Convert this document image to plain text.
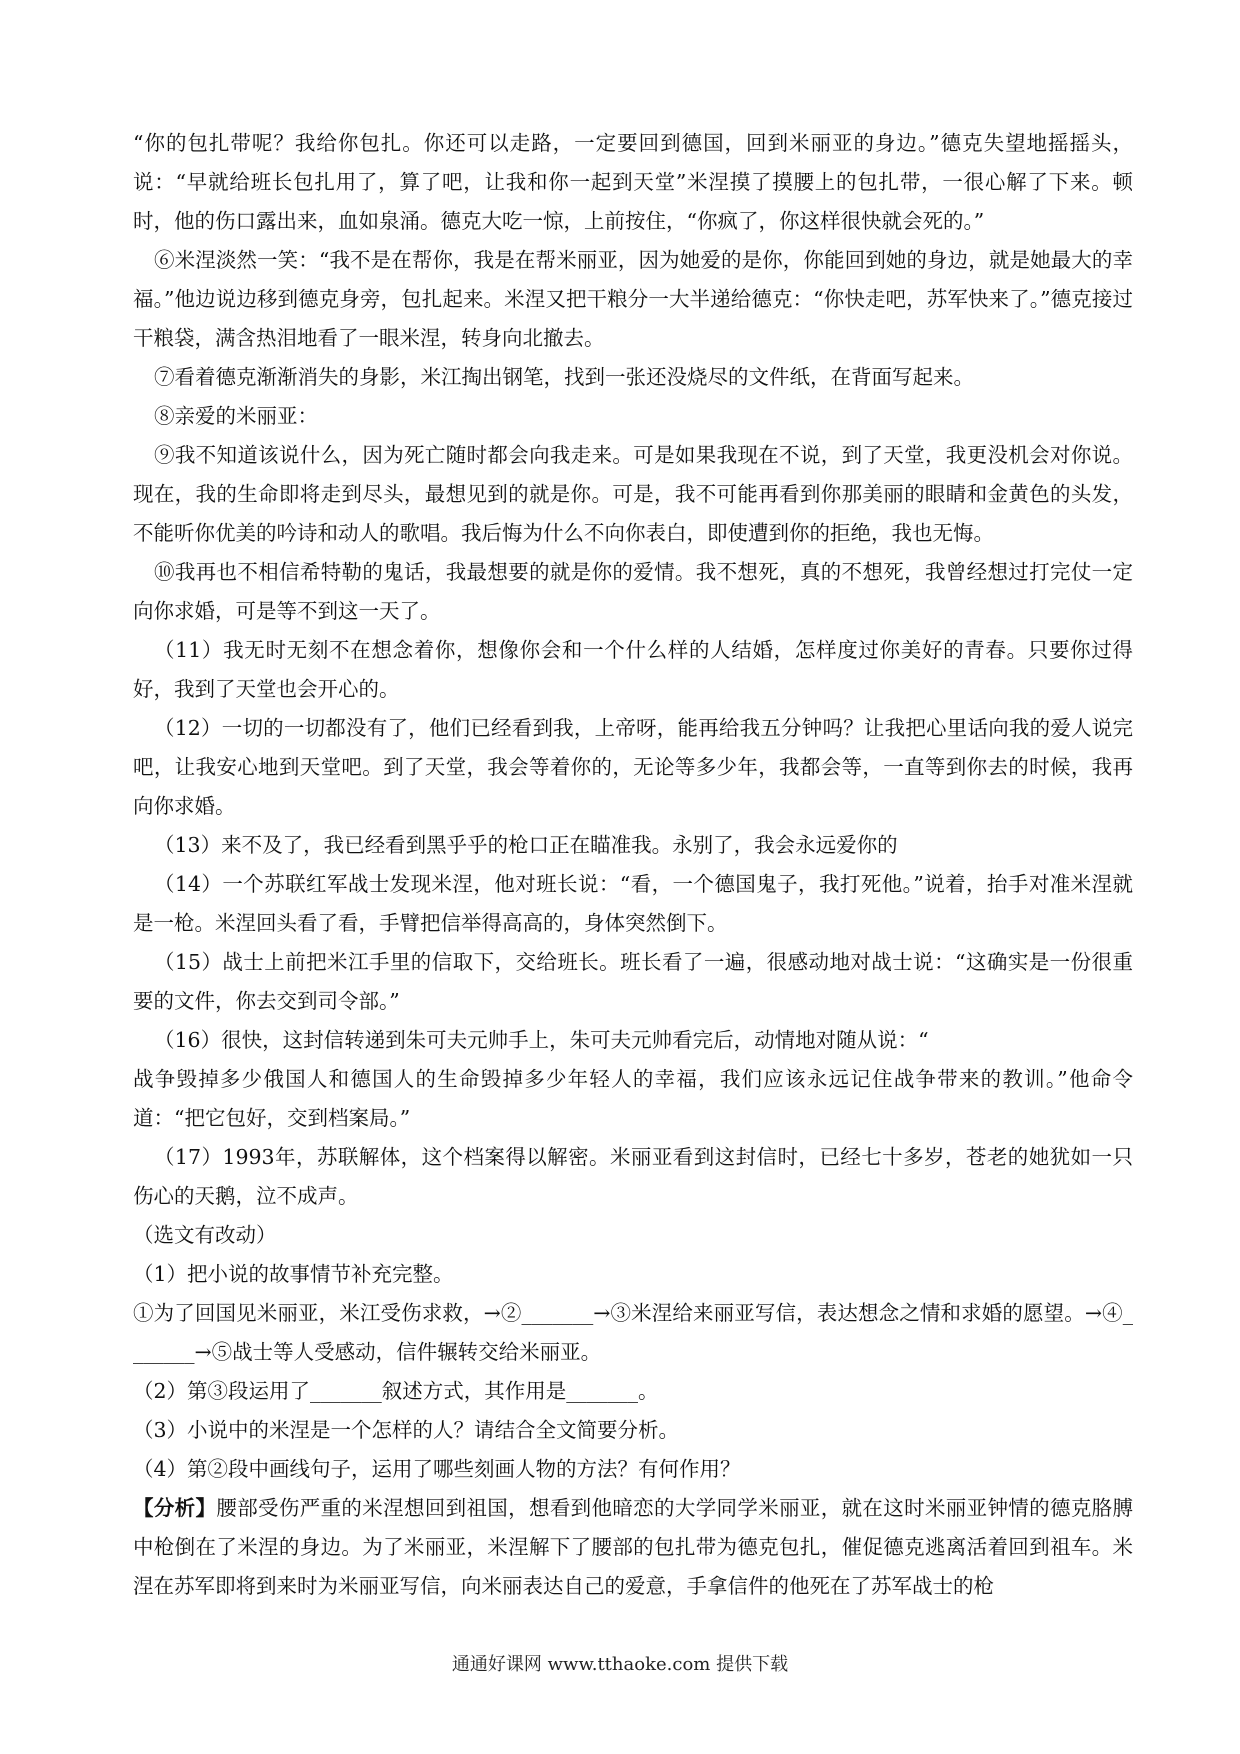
“你的包扎带呢？我给你包扎。你还可以走路，一定要回到德国，回到米丽亚的身边。”德克失望地摇摇头，说：“早就给班长包扎用了，算了吧，让我和你一起到天堂”米涅摸了摸腰上的包扎带，一很心解了下来。顿时，他的伤口露出来，血如泉涌。德克大吃一惊，上前按住，“你疯了，你这样很快就会死的。”

⑥米涅淡然一笑：“我不是在帮你，我是在帮米丽亚，因为她爱的是你，你能回到她的身边，就是她最大的幸福。”他边说边移到德克身旁，包扎起来。米涅又把干粮分一大半递给德克：“你快走吧，苏军快来了。”德克接过干粮袋，满含热泪地看了一眼米涅，转身向北撤去。

⑦看着德克渐渐消失的身影，米江掏出钢笔，找到一张还没烧尽的文件纸，在背面写起来。

⑧亲爱的米丽亚：

⑨我不知道该说什么，因为死亡随时都会向我走来。可是如果我现在不说，到了天堂，我更没机会对你说。现在，我的生命即将走到尽头，最想见到的就是你。可是，我不可能再看到你那美丽的眼睛和金黄色的头发，不能听你优美的吟诗和动人的歌唱。我后悔为什么不向你表白，即使遭到你的拒绝，我也无悔。

⑩我再也不相信希特勒的鬼话，我最想要的就是你的爱情。我不想死，真的不想死，我曾经想过打完仗一定向你求婚，可是等不到这一天了。

（11）我无时无刻不在想念着你，想像你会和一个什么样的人结婚，怎样度过你美好的青春。只要你过得好，我到了天堂也会开心的。

（12）一切的一切都没有了，他们已经看到我，上帝呀，能再给我五分钟吗？让我把心里话向我的爱人说完吧，让我安心地到天堂吧。到了天堂，我会等着你的，无论等多少年，我都会等，一直等到你去的时候，我再向你求婚。

（13）来不及了，我已经看到黑乎乎的枪口正在瞄准我。永别了，我会永远爱你的

（14）一个苏联红军战士发现米涅，他对班长说：“看，一个德国鬼子，我打死他。”说着，抬手对准米涅就是一枪。米涅回头看了看，手臂把信举得高高的，身体突然倒下。

（15）战士上前把米江手里的信取下，交给班长。班长看了一遍，很感动地对战士说：“这确实是一份很重要的文件，你去交到司令部。”

（16）很快，这封信转递到朱可夫元帅手上，朱可夫元帅看完后，动情地对随从说：“

战争毁掉多少俄国人和德国人的生命毁掉多少年轻人的幸福，我们应该永远记住战争带来的教训。”他命令道：“把它包好，交到档案局。”

（17）1993年，苏联解体，这个档案得以解密。米丽亚看到这封信时，已经七十多岁，苍老的她犹如一只伤心的天鹅，泣不成声。

（选文有改动）

（1）把小说的故事情节补充完整。

①为了回国见米丽亚，米江受伤求救，→②_______→③米涅给来丽亚写信，表达想念之情和求婚的愿望。→④_______→⑤战士等人受感动，信件辗转交给米丽亚。

（2）第③段运用了_______叙述方式，其作用是_______。

（3）小说中的米涅是一个怎样的人？请结合全文简要分析。

（4）第②段中画线句子，运用了哪些刻画人物的方法？有何作用？

【分析】腰部受伤严重的米涅想回到祖国，想看到他暗恋的大学同学米丽亚，就在这时米丽亚钟情的德克胳膊中枪倒在了米涅的身边。为了米丽亚，米涅解下了腰部的包扎带为德克包扎，催促德克逃离活着回到祖车。米涅在苏军即将到来时为米丽亚写信，向米丽表达自己的爱意，手拿信件的他死在了苏军战士的枪

通通好课网 www.tthaoke.com 提供下载
